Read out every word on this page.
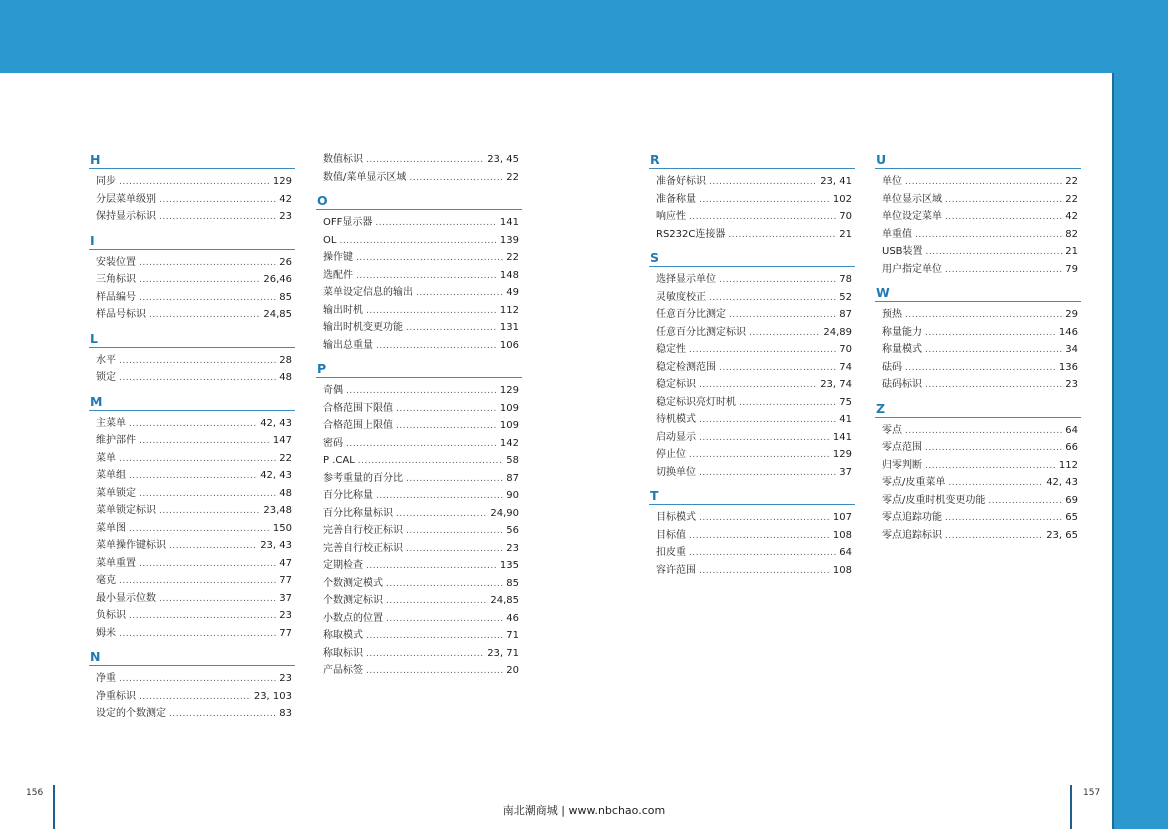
H
同步 .....	129
分层菜单级别 .....	42
保持显示标识 .....	23
I
安装位置 .....	26
三角标识 .....	26,46
样品编号 .....	85
样品号标识 .....	24,85
L
水平 .....	28
锁定 .....	48
M
主菜单 .....	42, 43
维护部件 .....	147
菜单 .....	22
菜单组 .....	42, 43
菜单锁定 .....	48
菜单锁定标识 .....	23,48
菜单图 .....	150
菜单操作键标识 .....	23, 43
菜单重置 .....	47
毫克 .....	77
最小显示位数 .....	37
负标识 .....	23
姆米 .....	77
N
净重 .....	23
净重标识 .....	23, 103
设定的个数测定 .....	83
数值标识 .....	23, 45
数值/菜单显示区域 .....	22
O
OFF显示器 .....	141
OL .....	139
操作键 .....	22
选配件 .....	148
菜单设定信息的输出 .....	49
输出时机 .....	112
输出时机变更功能 .....	131
输出总重量 .....	106
P
奇偶 .....	129
合格范围下限值 .....	109
合格范围上限值 .....	109
密码 .....	142
P .CAL .....	58
参考重量的百分比 .....	87
百分比称量 .....	90
百分比称量标识 .....	24,90
完善自行校正标识 .....	56
完善自行校正标识 .....	23
定期检查 .....	135
个数测定模式 .....	85
个数测定标识 .....	24,85
小数点的位置 .....	46
称取模式 .....	71
称取标识 .....	23, 71
产品标签 .....	20
R
准备好标识 .....	23, 41
准备称量 .....	102
响应性 .....	70
RS232C连接器 .....	21
S
选择显示单位 .....	78
灵敏度校正 .....	52
任意百分比测定 .....	87
任意百分比测定标识 .....	24,89
稳定性 .....	70
稳定检测范围 .....	74
稳定标识 .....	23, 74
稳定标识亮灯时机 .....	75
待机模式 .....	41
启动显示 .....	141
停止位 .....	129
切换单位 .....	37
T
目标模式 .....	107
目标值 .....	108
扣皮重 .....	64
容许范围 .....	108
U
单位 .....	22
单位显示区域 .....	22
单位设定菜单 .....	42
单重值 .....	82
USB装置 .....	21
用户指定单位 .....	79
W
预热 .....	29
称量能力 .....	146
称量模式 .....	34
砝码 .....	136
砝码标识 .....	23
Z
零点 .....	64
零点范围 .....	66
归零判断 .....	112
零点/皮重菜单 .....	42, 43
零点/皮重时机变更功能 .....	69
零点追踪功能 .....	65
零点追踪标识 .....	23, 65
156	157
南北潮商城 | www.nbchao.com
